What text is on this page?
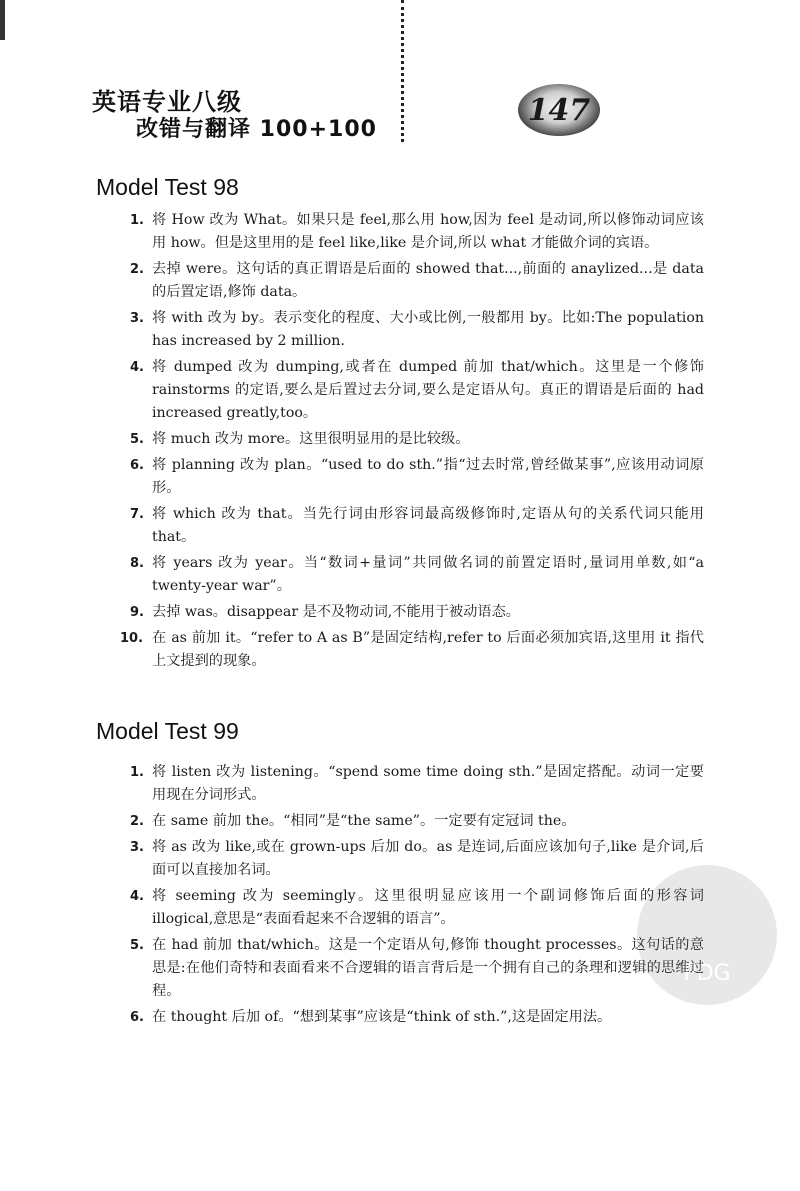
英语专业八级
改错与翻译 100+100
147
Model Test 98
1. 将 How 改为 What。如果只是 feel,那么用 how,因为 feel 是动词,所以修饰动词应该用 how。但是这里用的是 feel like,like 是介词,所以 what 才能做介词的宾语。
2. 去掉 were。这句话的真正谓语是后面的 showed that...,前面的 anaylized...是 data 的后置定语,修饰 data。
3. 将 with 改为 by。表示变化的程度、大小或比例,一般都用 by。比如:The population has increased by 2 million.
4. 将 dumped 改为 dumping,或者在 dumped 前加 that/which。这里是一个修饰 rainstorms 的定语,要么是后置过去分词,要么是定语从句。真正的谓语是后面的 had increased greatly,too。
5. 将 much 改为 more。这里很明显用的是比较级。
6. 将 planning 改为 plan。“used to do sth.”指“过去时常,曾经做某事”,应该用动词原形。
7. 将 which 改为 that。当先行词由形容词最高级修饰时,定语从句的关系代词只能用 that。
8. 将 years 改为 year。当“数词+量词”共同做名词的前置定语时,量词用单数,如“a twenty-year war”。
9. 去掉 was。disappear 是不及物动词,不能用于被动语态。
10. 在 as 前加 it。“refer to A as B”是固定结构,refer to 后面必须加宾语,这里用 it 指代上文提到的现象。
Model Test 99
1. 将 listen 改为 listening。“spend some time doing sth.”是固定搭配。动词一定要用现在分词形式。
2. 在 same 前加 the。“相同”是“the same”。一定要有定冠词 the。
3. 将 as 改为 like,或在 grown-ups 后加 do。as 是连词,后面应该加句子,like 是介词,后面可以直接加名词。
4. 将 seeming 改为 seemingly。这里很明显应该用一个副词修饰后面的形容词 illogical,意思是“表面看起来不合逻辑的语言”。
5. 在 had 前加 that/which。这是一个定语从句,修饰 thought processes。这句话的意思是:在他们奇特和表面看来不合逻辑的语言背后是一个拥有自己的条理和逻辑的思维过程。
6. 在 thought 后加 of。“想到某事”应该是“think of sth.”,这是固定用法。
PDG
